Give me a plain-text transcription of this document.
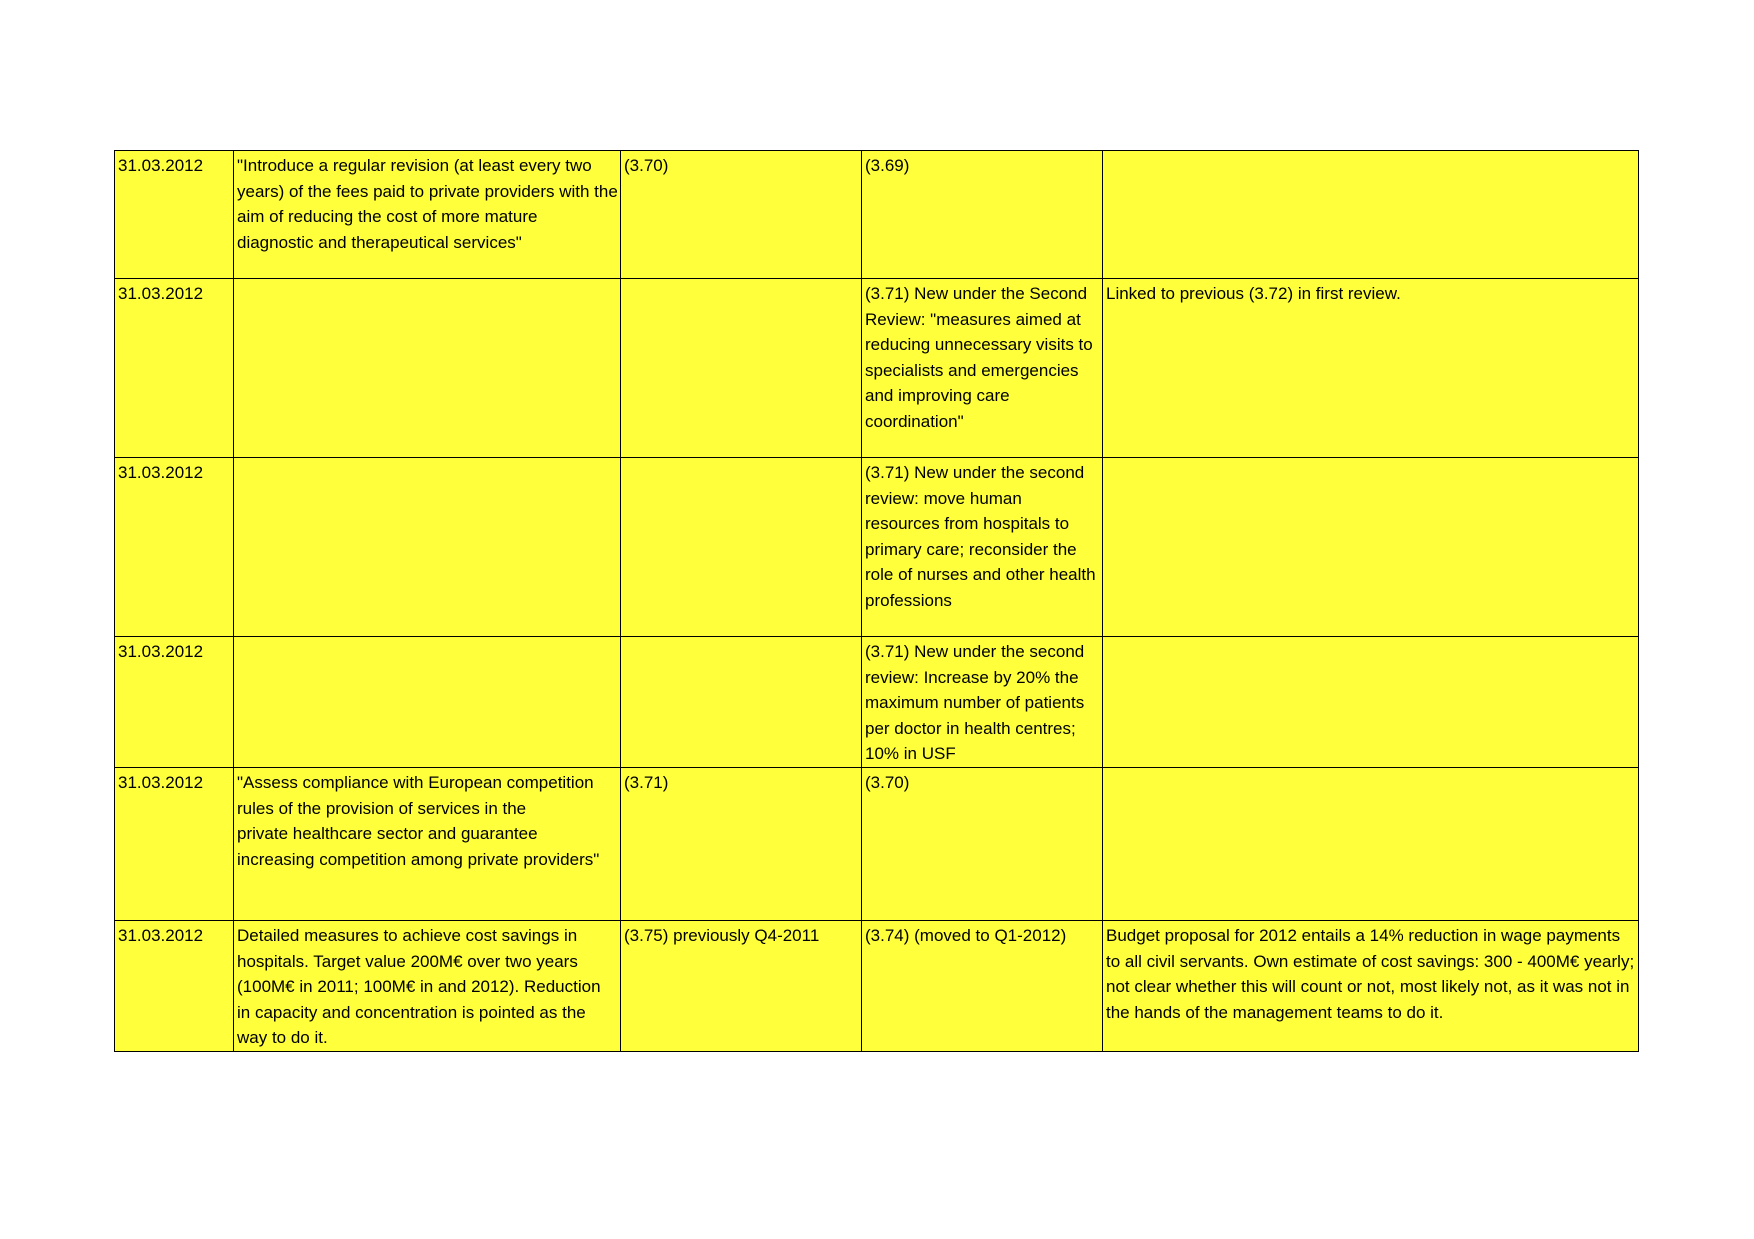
31.03.2012	"Introduce a regular revision (at least every two years) of the fees paid to private providers with the aim of reducing the cost of more mature diagnostic and therapeutical services"	(3.70)	(3.69)	
31.03.2012			(3.71) New under the Second Review: "measures aimed at reducing unnecessary visits to specialists and emergencies and improving care coordination"	Linked to previous (3.72) in first review.
31.03.2012			(3.71) New under the second review: move human resources from hospitals to primary care; reconsider the role of nurses and other health professions	
31.03.2012			(3.71) New under the second review: Increase by 20% the maximum number of patients per doctor in health centres; 10% in USF	
31.03.2012	"Assess compliance with European competition rules of the provision of services in the
private healthcare sector and guarantee increasing competition among private providers"	(3.71)	(3.70)	
31.03.2012	Detailed measures to achieve cost savings in hospitals. Target value 200M€ over two years (100M€ in 2011; 100M€ in and 2012). Reduction in capacity and concentration is pointed as the way to do it.	(3.75) previously Q4-2011	(3.74) (moved to Q1-2012)	Budget proposal for 2012 entails a 14% reduction in wage payments to all civil servants. Own estimate of cost savings: 300 - 400M€ yearly; not clear whether this will count or not, most likely not, as it was not in the hands of the management teams to do it.
